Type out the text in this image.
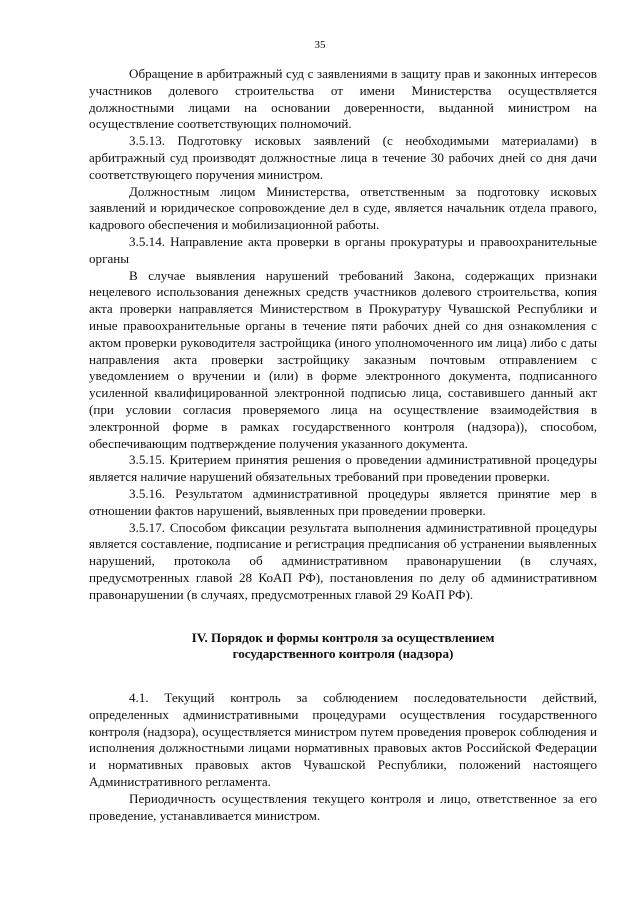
35

Обращение в арбитражный суд с заявлениями в защиту прав и законных интересов участников долевого строительства от имени Министерства осуществляется должностными лицами на основании доверенности, выданной министром на осуществление соответствующих полномочий.

3.5.13. Подготовку исковых заявлений (с необходимыми материалами) в арбитражный суд производят должностные лица в течение 30 рабочих дней со дня дачи соответствующего поручения министром.

Должностным лицом Министерства, ответственным за подготовку исковых заявлений и юридическое сопровождение дел в суде, является начальник отдела правого, кадрового обеспечения и мобилизационной работы.

3.5.14. Направление акта проверки в органы прокуратуры и правоохранительные органы

В случае выявления нарушений требований Закона, содержащих признаки нецелевого использования денежных средств участников долевого строительства, копия акта проверки направляется Министерством в Прокуратуру Чувашской Республики и иные правоохранительные органы в течение пяти рабочих дней со дня ознакомления с актом проверки руководителя застройщика (иного уполномоченного им лица) либо с даты направления акта проверки застройщику заказным почтовым отправлением с уведомлением о вручении и (или) в форме электронного документа, подписанного усиленной квалифицированной электронной подписью лица, составившего данный акт (при условии согласия проверяемого лица на осуществление взаимодействия в электронной форме в рамках государственного контроля (надзора)), способом, обеспечивающим подтверждение получения указанного документа.

3.5.15. Критерием принятия решения о проведении административной процедуры является наличие нарушений обязательных требований при проведении проверки.

3.5.16. Результатом административной процедуры является принятие мер в отношении фактов нарушений, выявленных при проведении проверки.

3.5.17. Способом фиксации результата выполнения административной процедуры является составление, подписание и регистрация предписания об устранении выявленных нарушений, протокола об административном правонарушении (в случаях, предусмотренных главой 28 КоАП РФ), постановления по делу об административном правонарушении (в случаях, предусмотренных главой 29 КоАП РФ).

IV. Порядок и формы контроля за осуществлением
государственного контроля (надзора)

4.1. Текущий контроль за соблюдением последовательности действий, определенных административными процедурами осуществления государственного контроля (надзора), осуществляется министром путем проведения проверок соблюдения и исполнения должностными лицами нормативных правовых актов Российской Федерации и нормативных правовых актов Чувашской Республики, положений настоящего Административного регламента.

Периодичность осуществления текущего контроля и лицо, ответственное за его проведение, устанавливается министром.
